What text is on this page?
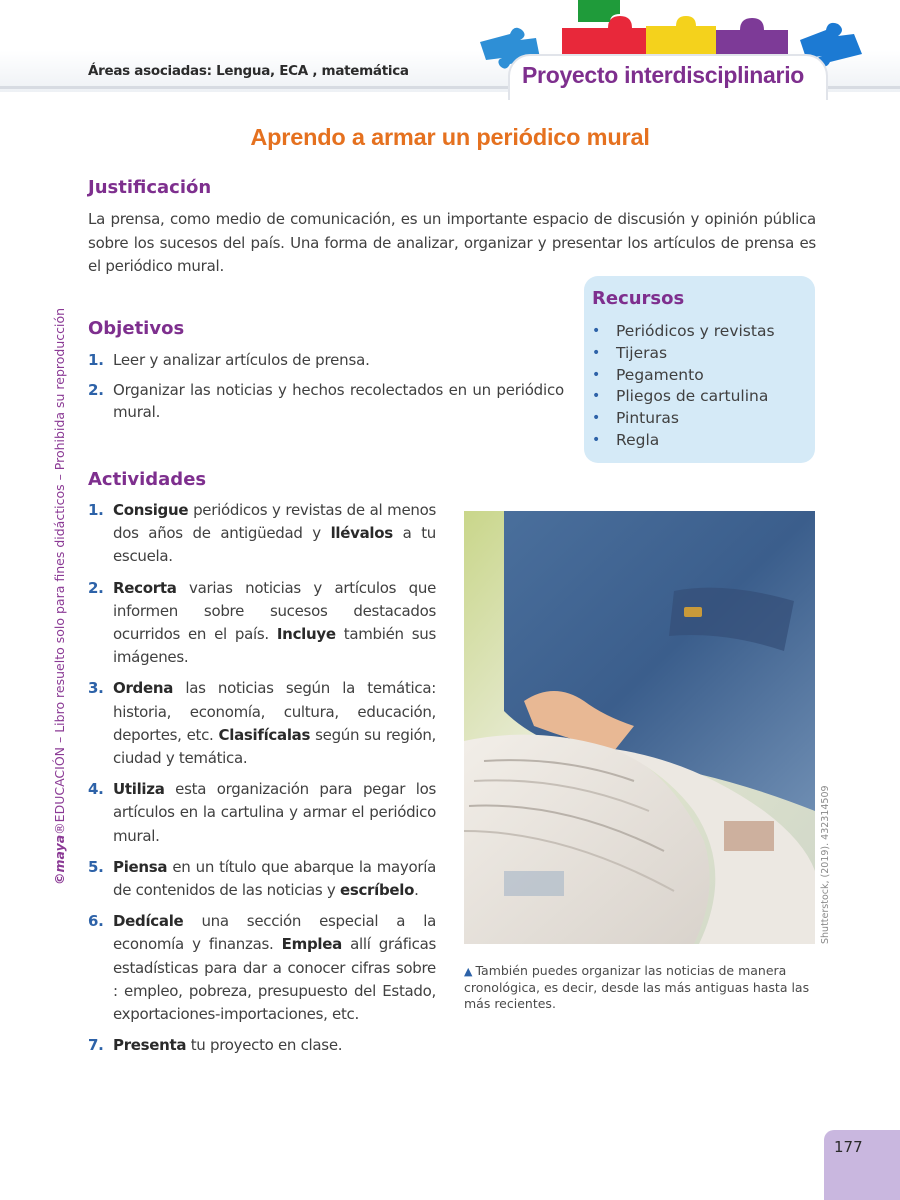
Áreas asociadas: Lengua, ECA , matemática	Proyecto interdisciplinario
©maya®EDUCACIÓN – Libro resuelto solo para fines didácticos – Prohibida su reproducción
Aprendo a armar un periódico mural
Justificación
La prensa, como medio de comunicación, es un importante espacio de discusión y opinión pública sobre los sucesos del país. Una forma de analizar, organizar y presentar los artículos de prensa es el periódico mural.
Objetivos
1. Leer y analizar artículos de prensa.
2. Organizar las noticias y hechos recolectados en un periódico mural.
Recursos
• Periódicos y revistas
• Tijeras
• Pegamento
• Pliegos de cartulina
• Pinturas
• Regla
Actividades
1. Consigue periódicos y revistas de al menos dos años de antigüedad y llévalos a tu escuela.
2. Recorta varias noticias y artículos que informen sobre sucesos destacados ocurridos en el país. Incluye también sus imágenes.
3. Ordena las noticias según la temática: historia, economía, cultura, educación, deportes, etc. Clasifícalas según su región, ciudad y temática.
4. Utiliza esta organización para pegar los artículos en la cartulina y armar el periódico mural.
5. Piensa en un título que abarque la mayoría de contenidos de las noticias y escríbelo.
6. Dedícale una sección especial a la economía y finanzas. Emplea allí gráficas estadísticas para dar a conocer cifras sobre : empleo, pobreza, presupuesto del Estado, exportaciones-importaciones, etc.
7. Presenta tu proyecto en clase.
Shutterstock, (2019). 432314509
▲ También puedes organizar las noticias de manera cronológica, es decir, desde las más antiguas hasta las más recientes.
177
